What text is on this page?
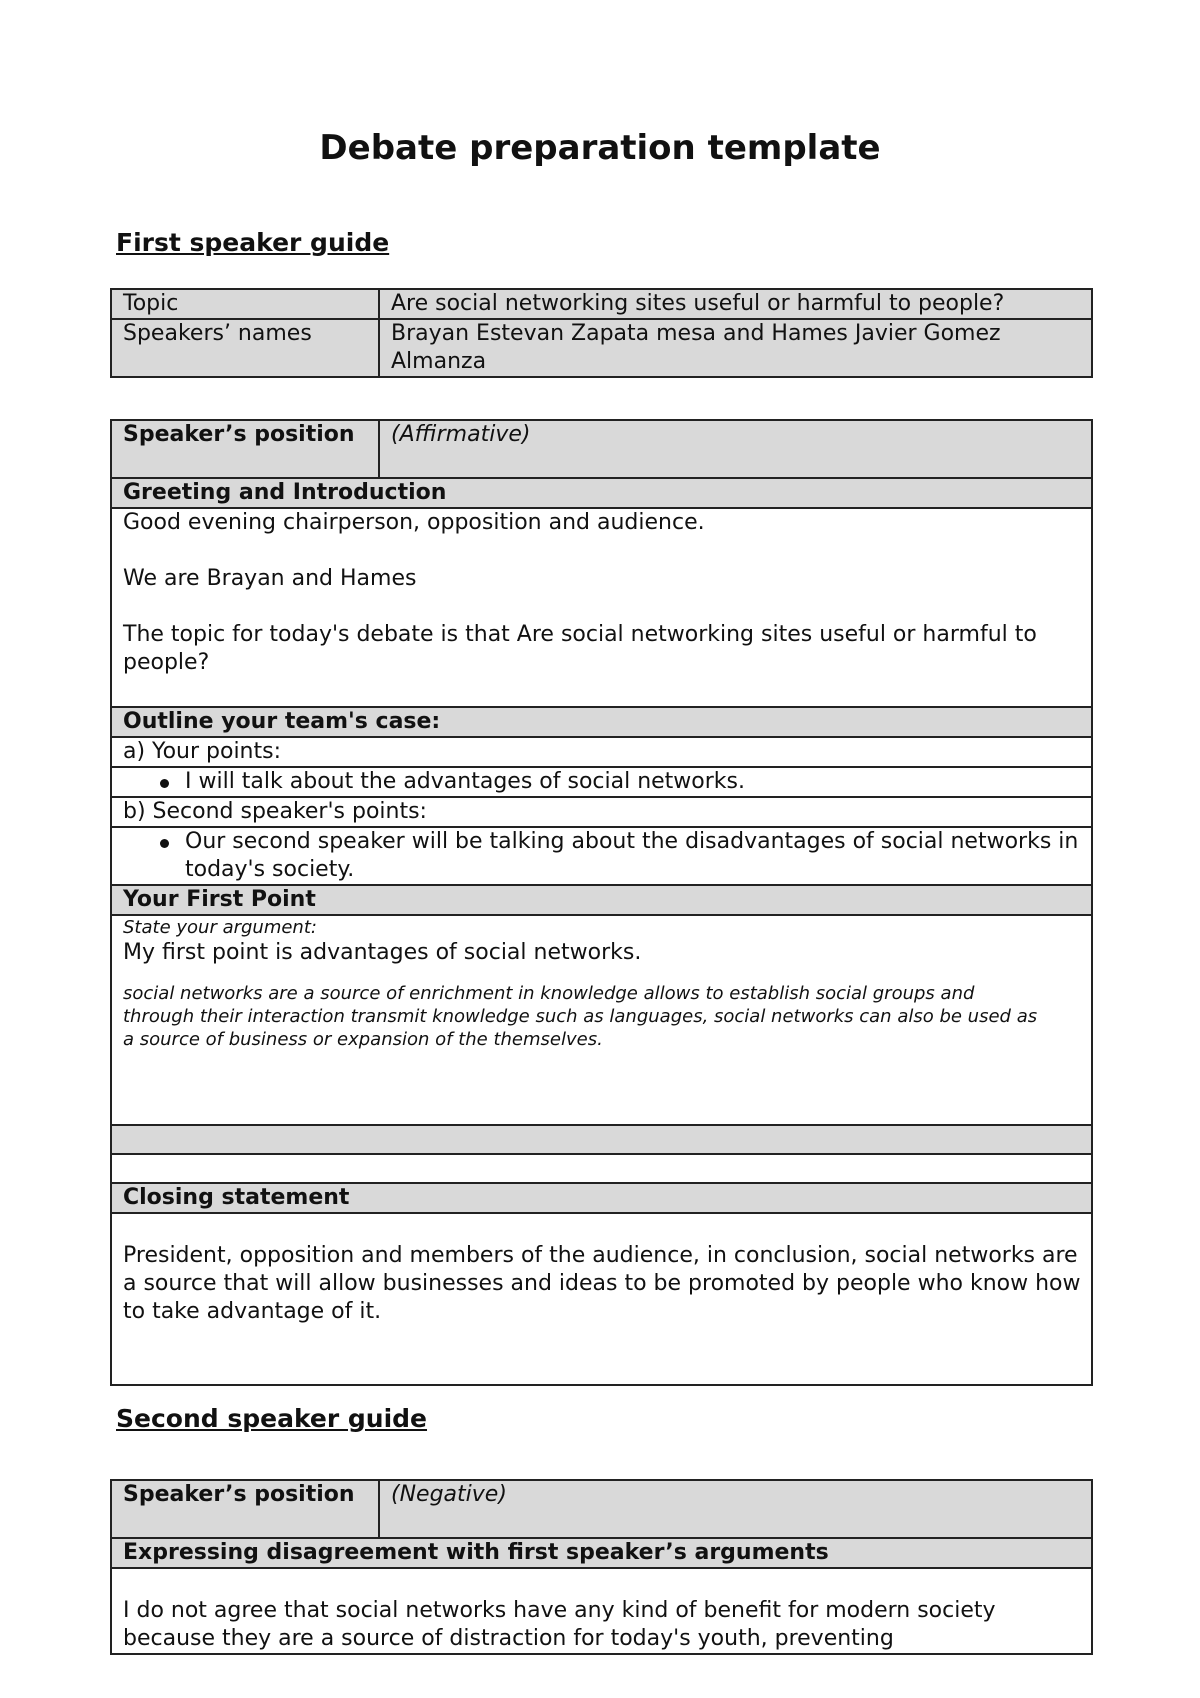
Debate preparation template
First speaker guide
Topic	Are social networking sites useful or harmful to people?
Speakers’ names	Brayan Estevan Zapata mesa and Hames Javier Gomez Almanza
Speaker’s position	(Affirmative)
Greeting and Introduction

Good evening chairperson, opposition and audience.

We are Brayan and Hames

The topic for today's debate is that Are social networking sites useful or harmful to people?

Outline your team's case:
a) Your points:

I will talk about the advantages of social networks.
b) Second speaker's points:

Our second speaker will be talking about the disadvantages of social networks in today's society.
Your First Point

State your argument:
My first point is advantages of social networks.
social networks are a source of enrichment in knowledge allows to establish social groups and through their interaction transmit knowledge such as languages, social networks can also be used as a source of business or expansion of the themselves.

Closing statement
President, opposition and members of the audience, in conclusion, social networks are a source that will allow businesses and ideas to be promoted by people who know how to take advantage of it.
Second speaker guide
Speaker’s position	(Negative)
Expressing disagreement with first speaker’s arguments
I do not agree that social networks have any kind of benefit for modern society because they are a source of distraction for today's youth, preventing
